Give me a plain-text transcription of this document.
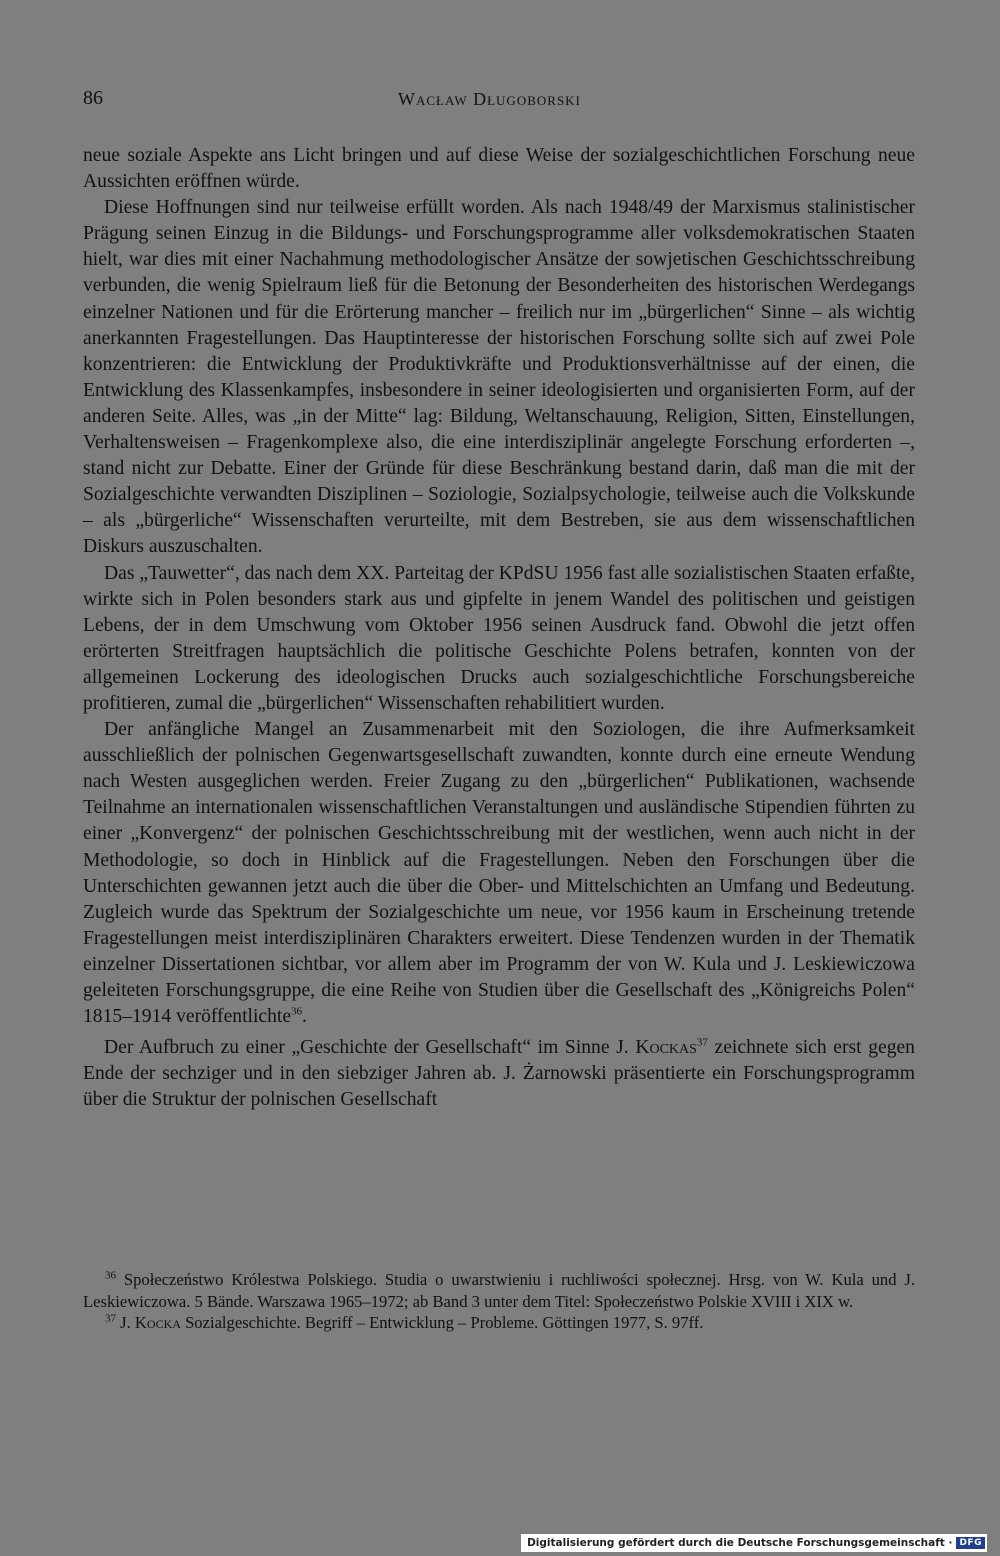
86	Wacław Długoborski

neue soziale Aspekte ans Licht bringen und auf diese Weise der sozialgeschichtlichen Forschung neue Aussichten eröffnen würde.

Diese Hoffnungen sind nur teilweise erfüllt worden. Als nach 1948/49 der Marxismus stalinistischer Prägung seinen Einzug in die Bildungs- und Forschungsprogramme aller volksdemokratischen Staaten hielt, war dies mit einer Nachahmung methodologischer Ansätze der sowjetischen Geschichtsschreibung verbunden, die wenig Spielraum ließ für die Betonung der Besonderheiten des historischen Werdegangs einzelner Nationen und für die Erörterung mancher – freilich nur im „bürgerlichen“ Sinne – als wichtig anerkannten Fragestellungen. Das Hauptinteresse der historischen Forschung sollte sich auf zwei Pole konzentrieren: die Entwicklung der Produktivkräfte und Produktionsverhältnisse auf der einen, die Entwicklung des Klassenkampfes, insbesondere in seiner ideologisierten und organisierten Form, auf der anderen Seite. Alles, was „in der Mitte“ lag: Bildung, Weltanschauung, Religion, Sitten, Einstellungen, Verhaltensweisen – Fragenkomplexe also, die eine interdisziplinär angelegte Forschung erforderten –, stand nicht zur Debatte. Einer der Gründe für diese Beschränkung bestand darin, daß man die mit der Sozialgeschichte verwandten Disziplinen – Soziologie, Sozialpsychologie, teilweise auch die Volkskunde – als „bürgerliche“ Wissenschaften verurteilte, mit dem Bestreben, sie aus dem wissenschaftlichen Diskurs auszuschalten.

Das „Tauwetter“, das nach dem XX. Parteitag der KPdSU 1956 fast alle sozialistischen Staaten erfaßte, wirkte sich in Polen besonders stark aus und gipfelte in jenem Wandel des politischen und geistigen Lebens, der in dem Umschwung vom Oktober 1956 seinen Ausdruck fand. Obwohl die jetzt offen erörterten Streitfragen hauptsächlich die politische Geschichte Polens betrafen, konnten von der allgemeinen Lockerung des ideologischen Drucks auch sozialgeschichtliche Forschungsbereiche profitieren, zumal die „bürgerlichen“ Wissenschaften rehabilitiert wurden.

Der anfängliche Mangel an Zusammenarbeit mit den Soziologen, die ihre Aufmerksamkeit ausschließlich der polnischen Gegenwartsgesellschaft zuwandten, konnte durch eine erneute Wendung nach Westen ausgeglichen werden. Freier Zugang zu den „bürgerlichen“ Publikationen, wachsende Teilnahme an internationalen wissenschaftlichen Veranstaltungen und ausländische Stipendien führten zu einer „Konvergenz“ der polnischen Geschichtsschreibung mit der westlichen, wenn auch nicht in der Methodologie, so doch in Hinblick auf die Fragestellungen. Neben den Forschungen über die Unterschichten gewannen jetzt auch die über die Ober- und Mittelschichten an Umfang und Bedeutung. Zugleich wurde das Spektrum der Sozialgeschichte um neue, vor 1956 kaum in Erscheinung tretende Fragestellungen meist interdisziplinären Charakters erweitert. Diese Tendenzen wurden in der Thematik einzelner Dissertationen sichtbar, vor allem aber im Programm der von W. Kula und J. Leskiewiczowa geleiteten Forschungsgruppe, die eine Reihe von Studien über die Gesellschaft des „Königreichs Polen“ 1815–1914 veröffentlichte$^{36}$.

Der Aufbruch zu einer „Geschichte der Gesellschaft“ im Sinne J. Kockas$^{37}$ zeichnete sich erst gegen Ende der sechziger und in den siebziger Jahren ab. J. Żarnowski präsentierte ein Forschungsprogramm über die Struktur der polnischen Gesellschaft

$^{36}$ Społeczeństwo Królestwa Polskiego. Studia o uwarstwieniu i ruchliwości społecznej. Hrsg. von W. Kula und J. Leskiewiczowa. 5 Bände. Warszawa 1965–1972; ab Band 3 unter dem Titel: Społeczeństwo Polskie XVIII i XIX w.

$^{37}$ J. Kocka Sozialgeschichte. Begriff – Entwicklung – Probleme. Göttingen 1977, S. 97ff.

Digitalisierung gefördert durch die Deutsche Forschungsgemeinschaft · DFG
